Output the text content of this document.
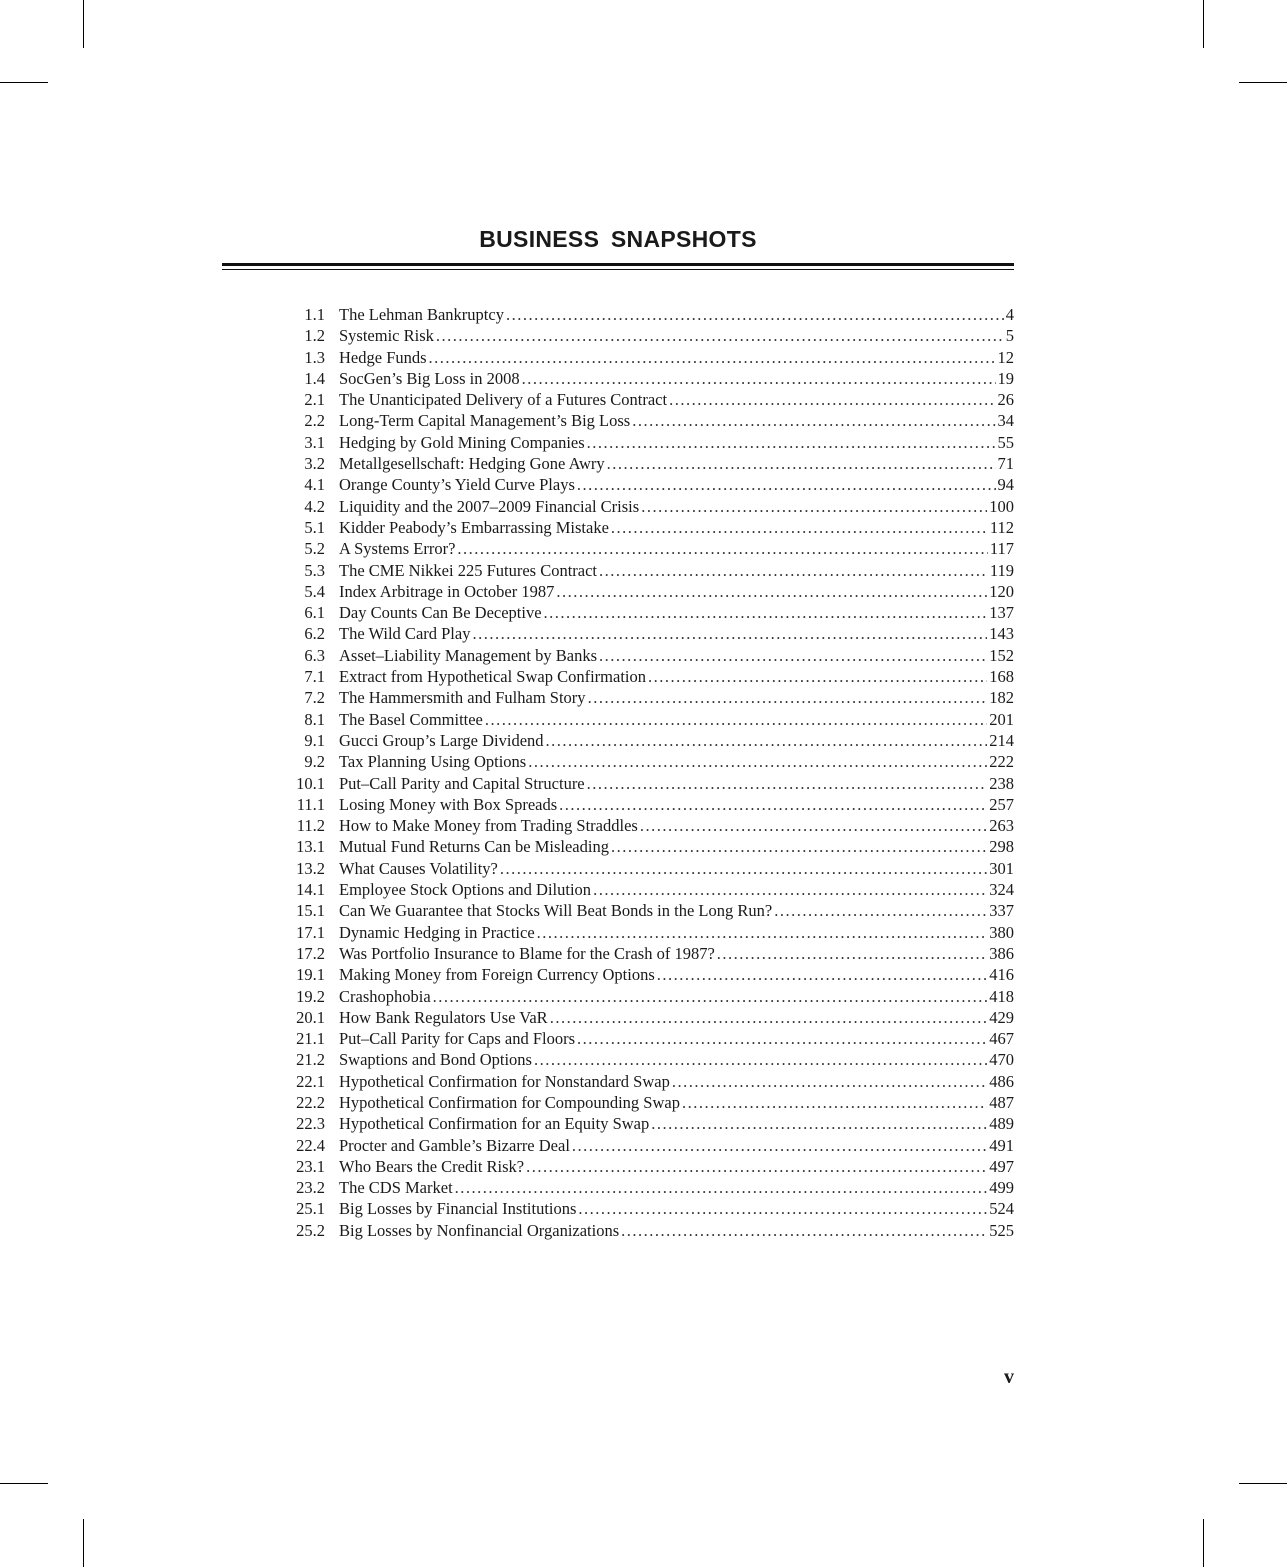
BUSINESS SNAPSHOTS
1.1 The Lehman Bankruptcy .....	4
1.2 Systemic Risk .....	5
1.3 Hedge Funds .....	12
1.4 SocGen’s Big Loss in 2008 .....	19
2.1 The Unanticipated Delivery of a Futures Contract .....	26
2.2 Long-Term Capital Management’s Big Loss .....	34
3.1 Hedging by Gold Mining Companies .....	55
3.2 Metallgesellschaft: Hedging Gone Awry .....	71
4.1 Orange County’s Yield Curve Plays .....	94
4.2 Liquidity and the 2007–2009 Financial Crisis .....	100
5.1 Kidder Peabody’s Embarrassing Mistake .....	112
5.2 A Systems Error? .....	117
5.3 The CME Nikkei 225 Futures Contract .....	119
5.4 Index Arbitrage in October 1987 .....	120
6.1 Day Counts Can Be Deceptive .....	137
6.2 The Wild Card Play .....	143
6.3 Asset–Liability Management by Banks .....	152
7.1 Extract from Hypothetical Swap Confirmation .....	168
7.2 The Hammersmith and Fulham Story .....	182
8.1 The Basel Committee .....	201
9.1 Gucci Group’s Large Dividend .....	214
9.2 Tax Planning Using Options .....	222
10.1 Put–Call Parity and Capital Structure .....	238
11.1 Losing Money with Box Spreads .....	257
11.2 How to Make Money from Trading Straddles .....	263
13.1 Mutual Fund Returns Can be Misleading .....	298
13.2 What Causes Volatility? .....	301
14.1 Employee Stock Options and Dilution .....	324
15.1 Can We Guarantee that Stocks Will Beat Bonds in the Long Run? .....	337
17.1 Dynamic Hedging in Practice .....	380
17.2 Was Portfolio Insurance to Blame for the Crash of 1987? .....	386
19.1 Making Money from Foreign Currency Options .....	416
19.2 Crashophobia .....	418
20.1 How Bank Regulators Use VaR .....	429
21.1 Put–Call Parity for Caps and Floors .....	467
21.2 Swaptions and Bond Options .....	470
22.1 Hypothetical Confirmation for Nonstandard Swap .....	486
22.2 Hypothetical Confirmation for Compounding Swap .....	487
22.3 Hypothetical Confirmation for an Equity Swap .....	489
22.4 Procter and Gamble’s Bizarre Deal .....	491
23.1 Who Bears the Credit Risk? .....	497
23.2 The CDS Market .....	499
25.1 Big Losses by Financial Institutions .....	524
25.2 Big Losses by Nonfinancial Organizations .....	525
v
